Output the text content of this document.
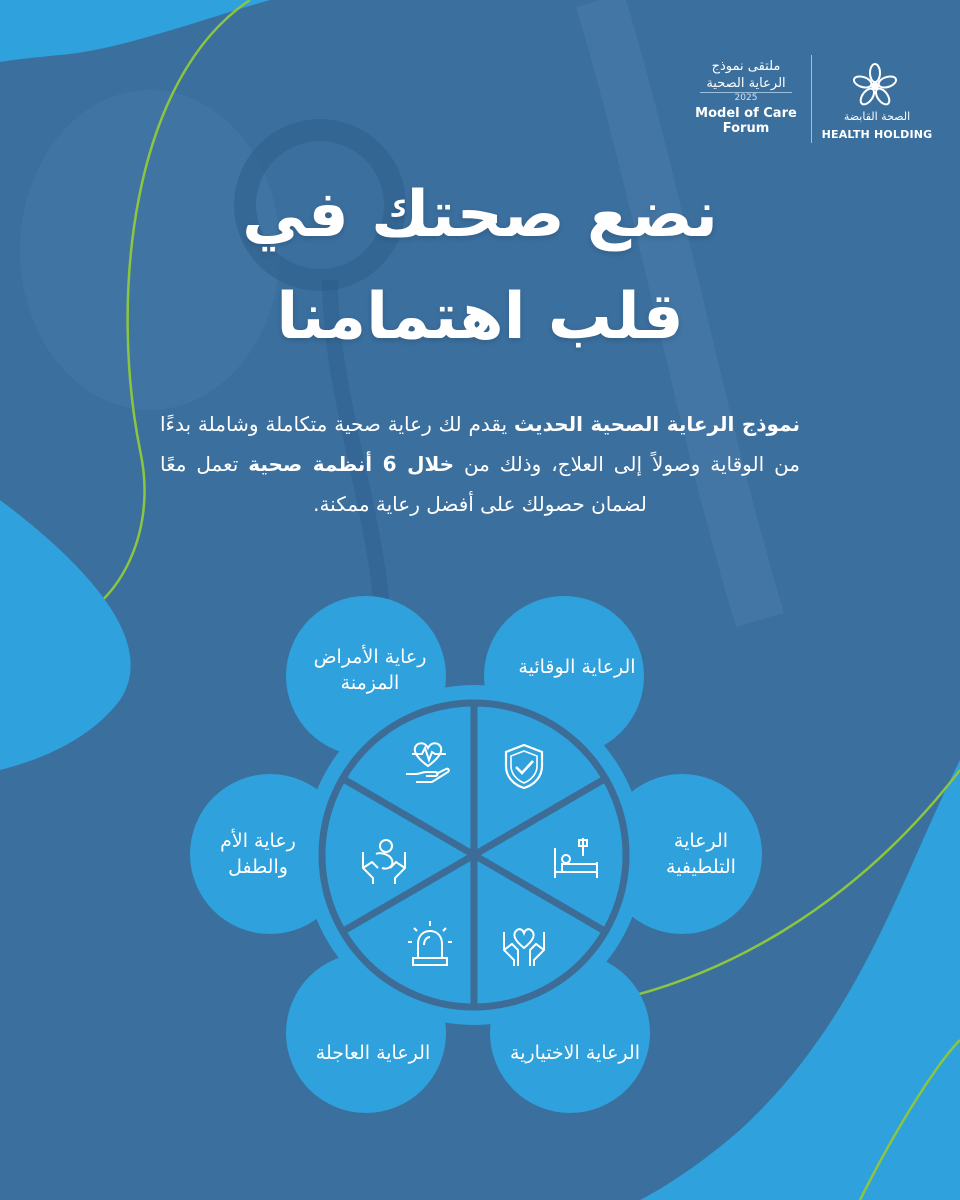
ملتقى نموذج
الرعاية الصحية
2025
Model of Care
Forum
الصحة القابضة
HEALTH HOLDING
نضع صحتك في
قلب اهتمامنا

نموذج الرعاية الصحية الحديث يقدم لك رعاية صحية متكاملة وشاملة بدءًا من الوقاية وصولاً إلى العلاج، وذلك من خلال 6 أنظمة صحية تعمل معًا لضمان حصولك على أفضل رعاية ممكنة.

الرعاية الوقائية
الرعاية التلطيفية
الرعاية الاختيارية
الرعاية العاجلة
رعاية الأم والطفل
رعاية الأمراض المزمنة
